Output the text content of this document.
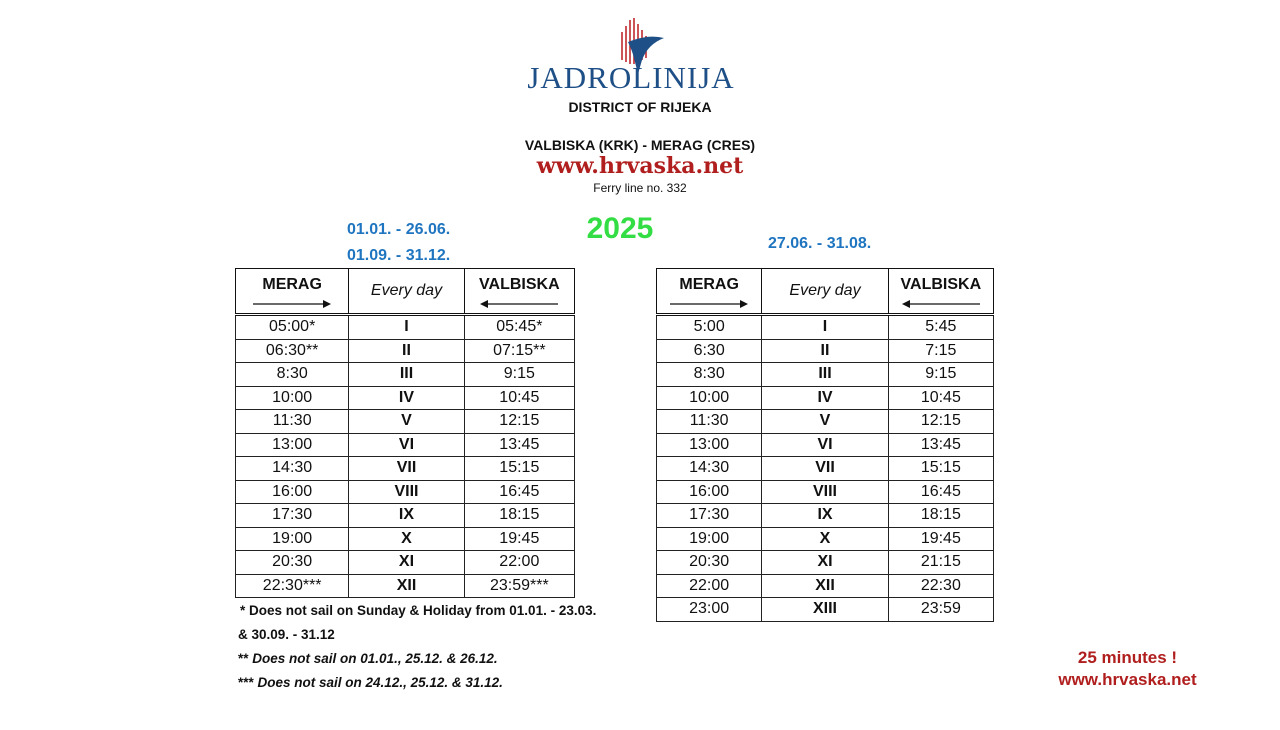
JADROLINIJA
DISTRICT OF RIJEKA
VALBISKA (KRK) - MERAG (CRES)
www.hrvaska.net
Ferry line no. 332
2025
01.01. - 26.06.
01.09. - 31.12.
27.06. - 31.08.
MERAG	Every day	VALBISKA

05:00*	I	05:45*
06:30**	II	07:15**
8:30	III	9:15
10:00	IV	10:45
11:30	V	12:15
13:00	VI	13:45
14:30	VII	15:15
16:00	VIII	16:45
17:30	IX	18:15
19:00	X	19:45
20:30	XI	22:00
22:30***	XII	23:59***
MERAG	Every day	VALBISKA

5:00	I	5:45
6:30	II	7:15
8:30	III	9:15
10:00	IV	10:45
11:30	V	12:15
13:00	VI	13:45
14:30	VII	15:15
16:00	VIII	16:45
17:30	IX	18:15
19:00	X	19:45
20:30	XI	21:15
22:00	XII	22:30
23:00	XIII	23:59
* Does not sail on Sunday & Holiday from 01.01. - 23.03.
& 30.09. - 31.12
** Does not sail on 01.01., 25.12. & 26.12.
*** Does not sail on 24.12., 25.12. & 31.12.
25 minutes !
www.hrvaska.net
